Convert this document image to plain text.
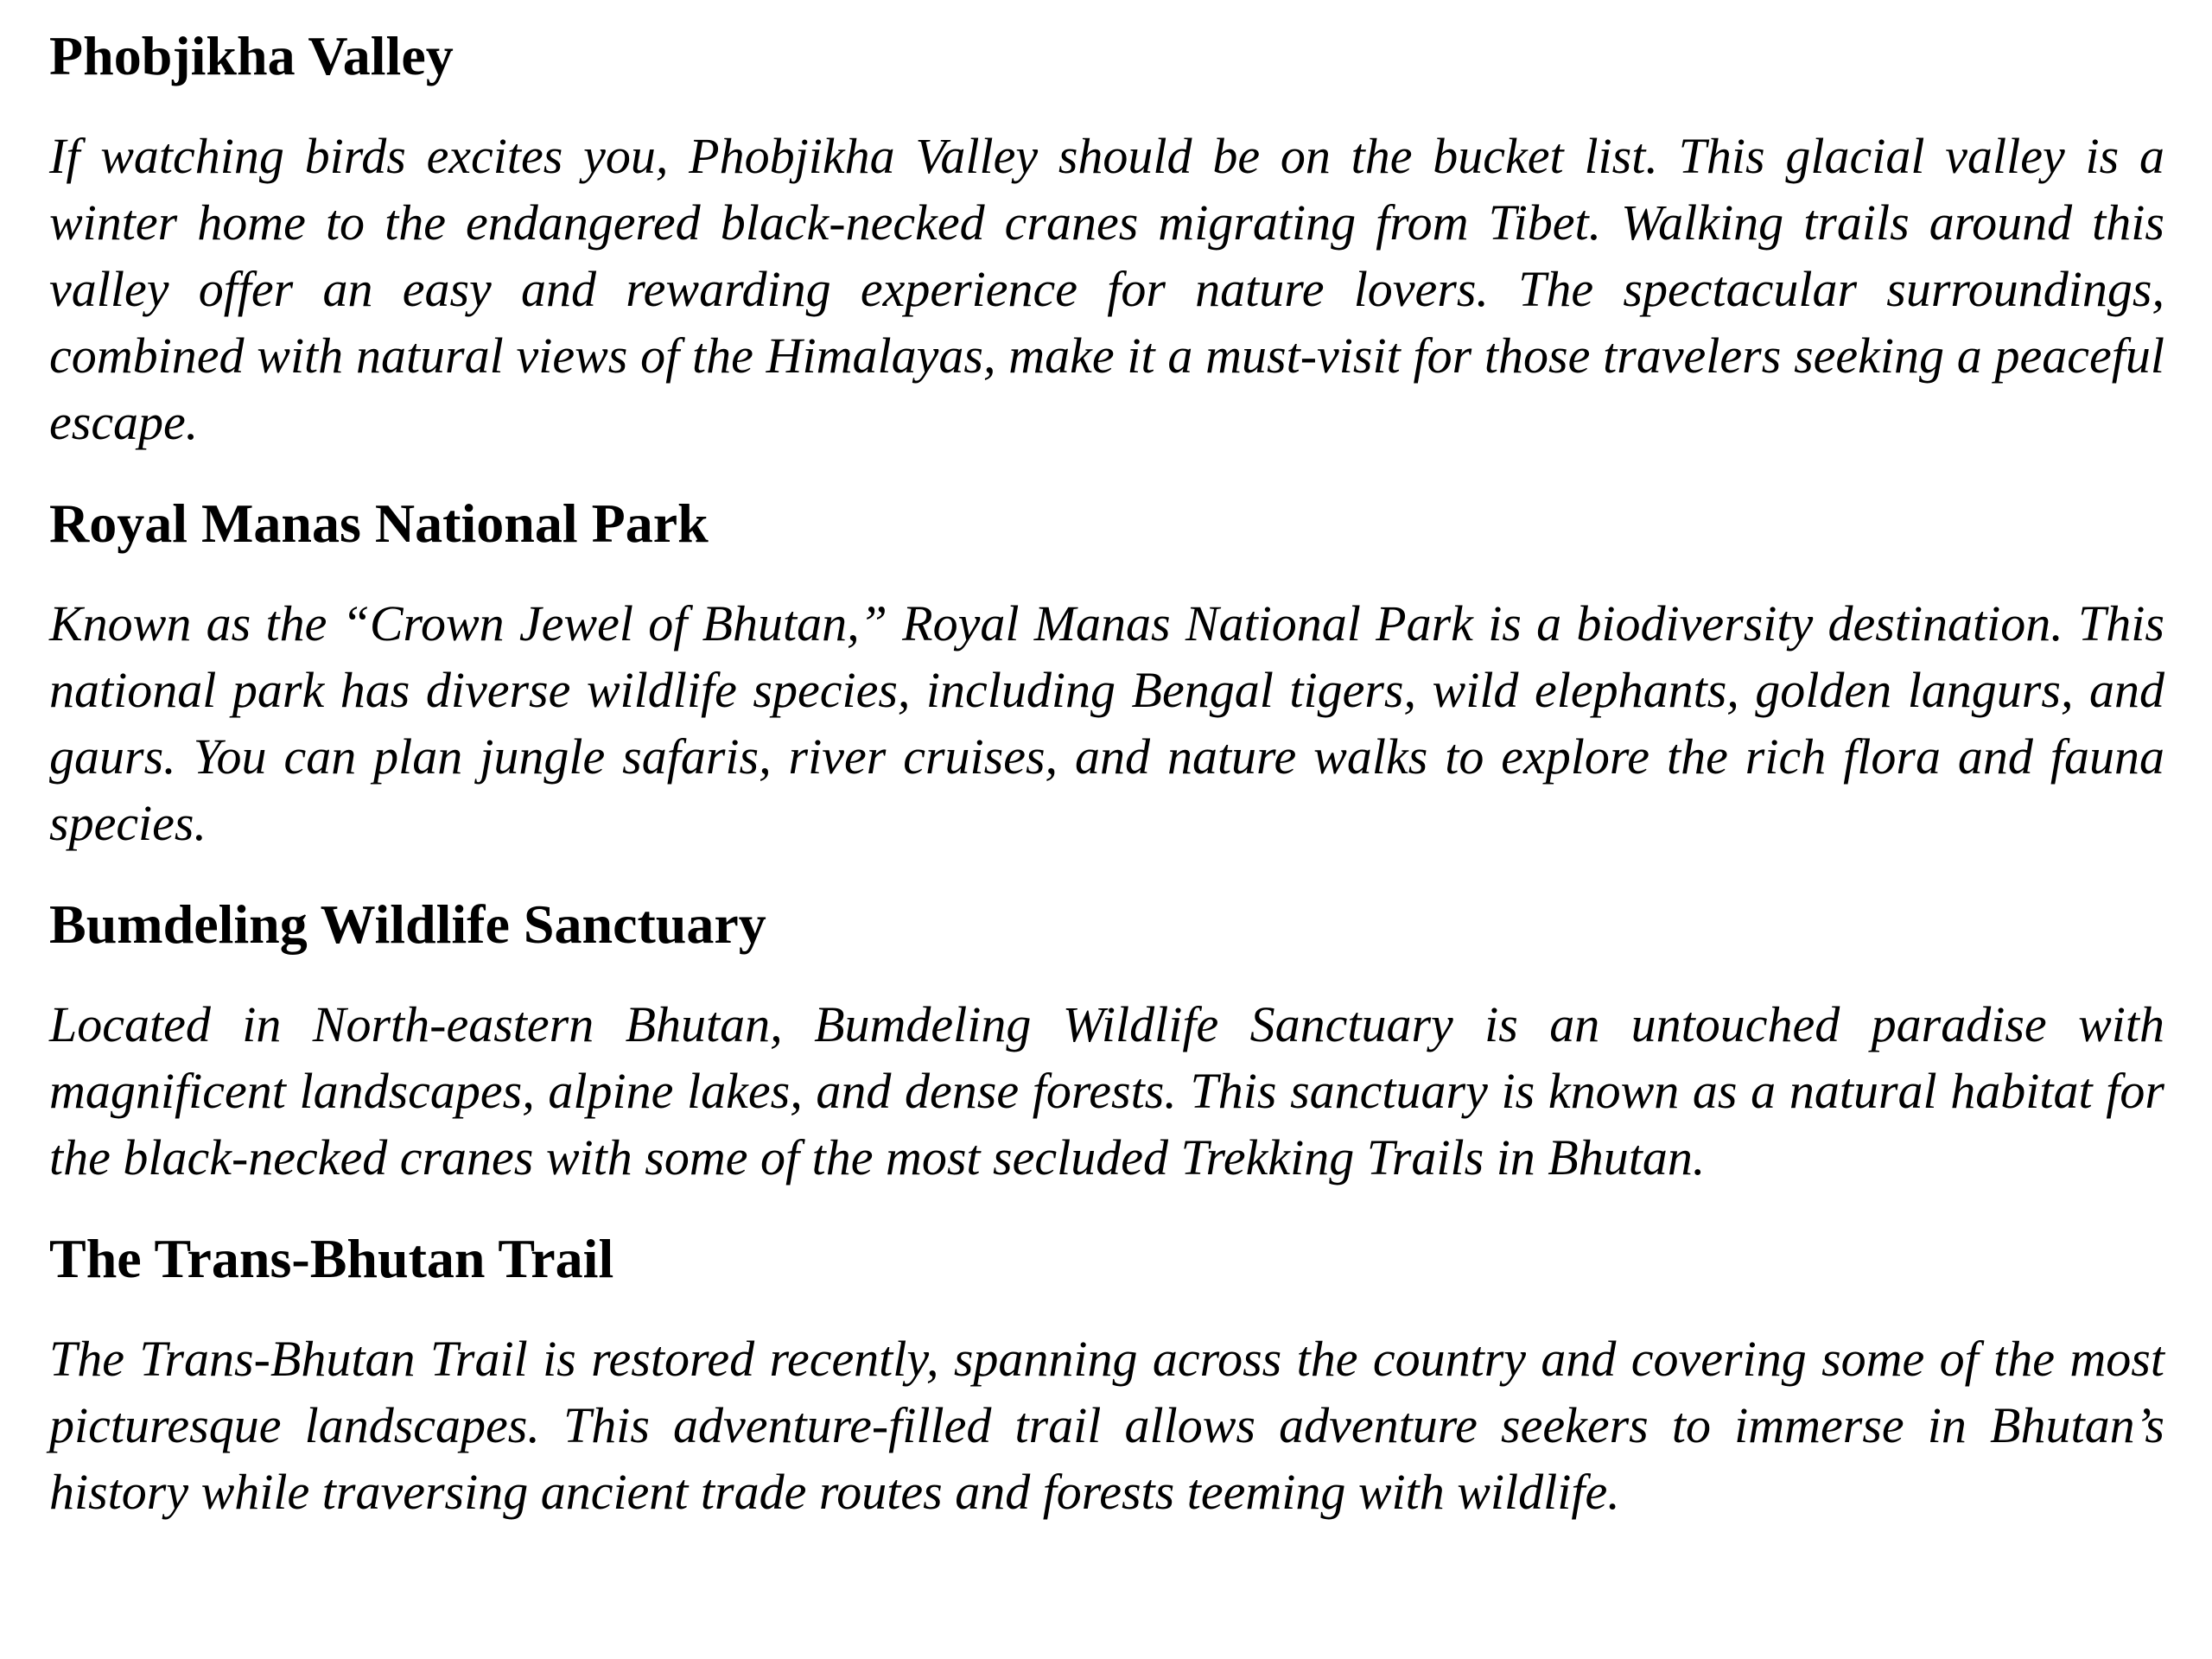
Phobjikha Valley

If watching birds excites you, Phobjikha Valley should be on the bucket list. This glacial valley is a winter home to the endangered black-necked cranes migrating from Tibet. Walking trails around this valley offer an easy and rewarding experience for nature lovers. The spectacular surroundings, combined with natural views of the Himalayas, make it a must-visit for those travelers seeking a peaceful escape.

Royal Manas National Park

Known as the “Crown Jewel of Bhutan,” Royal Manas National Park is a biodiversity destination. This national park has diverse wildlife species, including Bengal tigers, wild elephants, golden langurs, and gaurs. You can plan jungle safaris, river cruises, and nature walks to explore the rich flora and fauna species.

Bumdeling Wildlife Sanctuary

Located in North-eastern Bhutan, Bumdeling Wildlife Sanctuary is an untouched paradise with magnificent landscapes, alpine lakes, and dense forests. This sanctuary is known as a natural habitat for the black-necked cranes with some of the most secluded Trekking Trails in Bhutan.

The Trans-Bhutan Trail

The Trans-Bhutan Trail is restored recently, spanning across the country and covering some of the most picturesque landscapes. This adventure-filled trail allows adventure seekers to immerse in Bhutan’s history while traversing ancient trade routes and forests teeming with wildlife.
